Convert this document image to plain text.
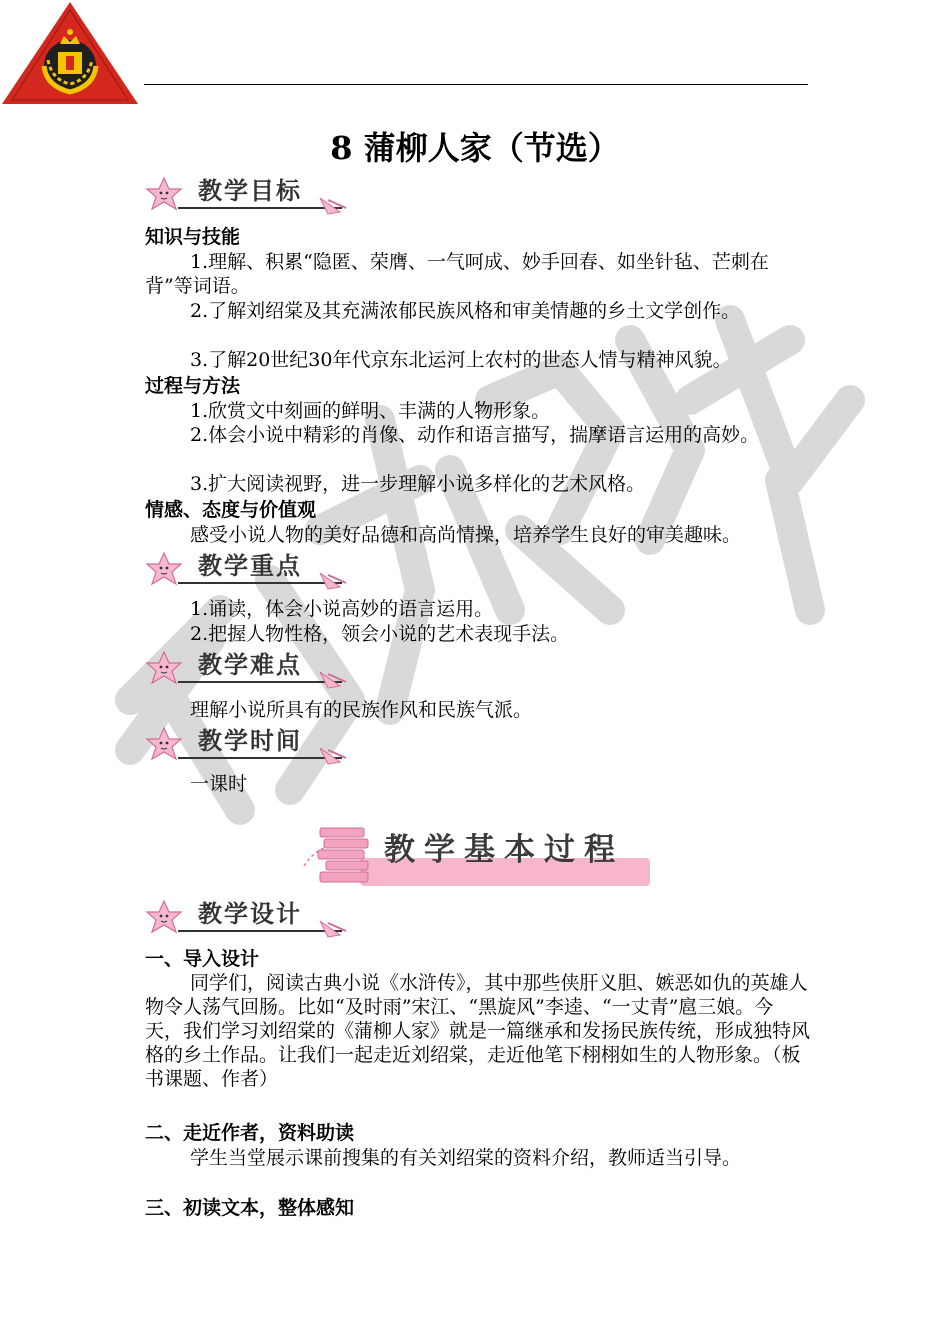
8 蒲柳人家（节选）
教学目标
知识与技能
1.理解、积累“隐匿、荣膺、一气呵成、妙手回春、如坐针毡、芒刺在背”等词语。
2.了解刘绍棠及其充满浓郁民族风格和审美情趣的乡土文学创作。
3.了解20世纪30年代京东北运河上农村的世态人情与精神风貌。
过程与方法
1.欣赏文中刻画的鲜明、丰满的人物形象。
2.体会小说中精彩的肖像、动作和语言描写，揣摩语言运用的高妙。
3.扩大阅读视野，进一步理解小说多样化的艺术风格。
情感、态度与价值观
感受小说人物的美好品德和高尚情操，培养学生良好的审美趣味。
教学重点
1.诵读，体会小说高妙的语言运用。
2.把握人物性格，领会小说的艺术表现手法。
教学难点
理解小说所具有的民族作风和民族气派。
教学时间
一课时
教学基本过程
教学设计
一、导入设计
同学们，阅读古典小说《水浒传》，其中那些侠肝义胆、嫉恶如仇的英雄人物令人荡气回肠。比如“及时雨”宋江、“黑旋风”李逵、“一丈青”扈三娘。今天，我们学习刘绍棠的《蒲柳人家》就是一篇继承和发扬民族传统，形成独特风格的乡土作品。让我们一起走近刘绍棠，走近他笔下栩栩如生的人物形象。（板书课题、作者）
二、走近作者，资料助读
学生当堂展示课前搜集的有关刘绍棠的资料介绍，教师适当引导。
三、初读文本，整体感知
